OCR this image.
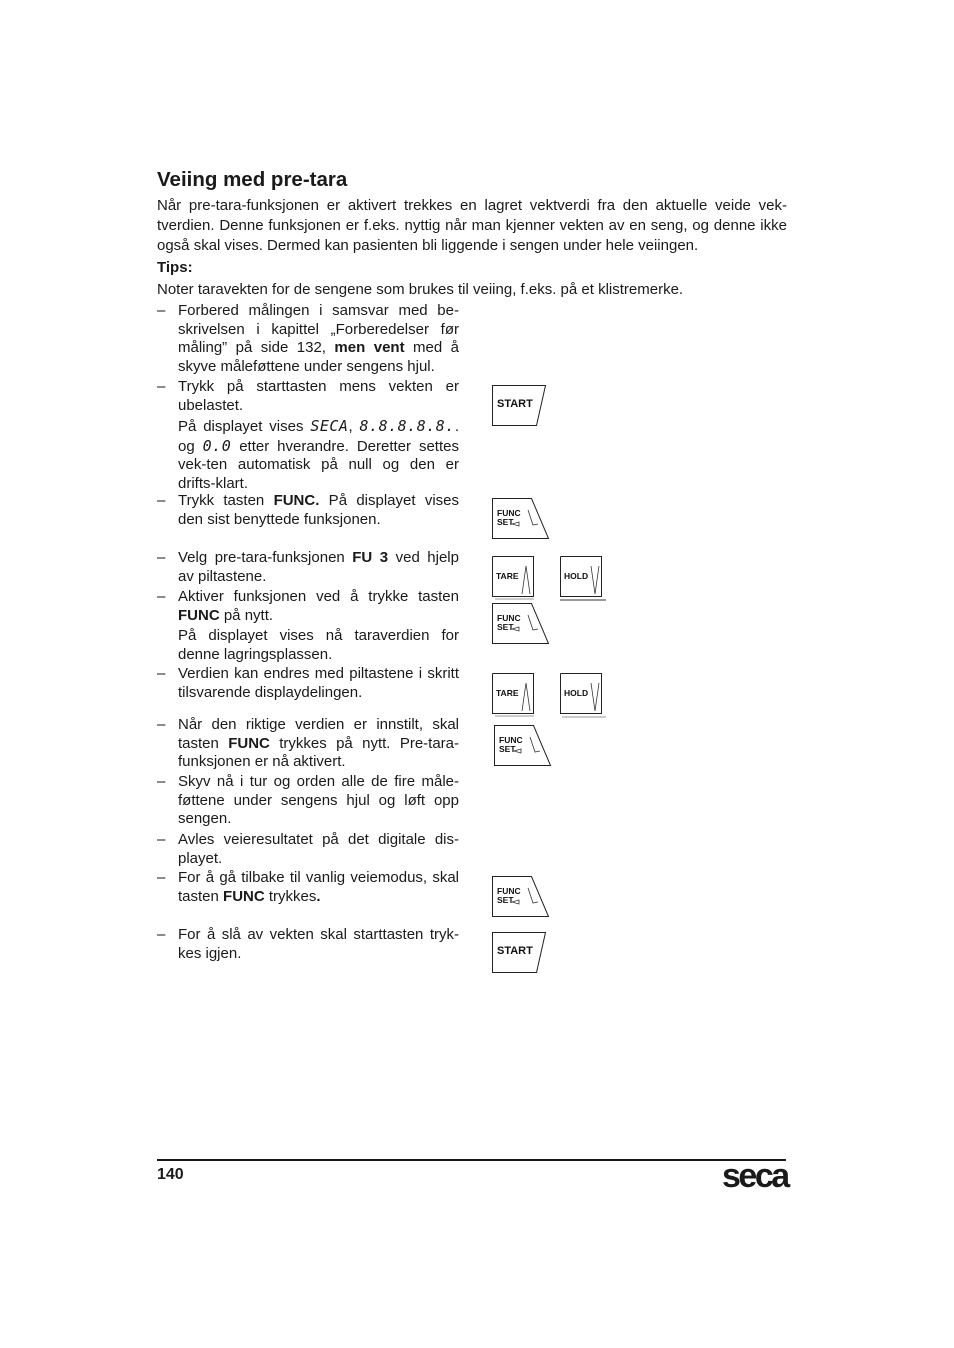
Veiing med pre-tara
Når pre-tara-funksjonen er aktivert trekkes en lagret vektverdi fra den aktuelle veide vek-tverdien. Denne funksjonen er f.eks. nyttig når man kjenner vekten av en seng, og denne ikke også skal vises. Dermed kan pasienten bli liggende i sengen under hele veiingen.
Tips:
Noter taravekten for de sengene som brukes til veiing, f.eks. på et klistremerke.
– Forbered målingen i samsvar med be-skrivelsen i kapittel „Forberedelser før måling” på side 132, men vent med å skyve måleføttene under sengens hjul.
– Trykk på starttasten mens vekten er ubelastet.
På displayet vises SECA, 8.8.8.8.8.. og 0.0 etter hverandre. Deretter settes vek-ten automatisk på null og den er drifts-klart.
– Trykk tasten FUNC. På displayet vises den sist benyttede funksjonen.
– Velg pre-tara-funksjonen FU 3 ved hjelp av piltastene.
– Aktiver funksjonen ved å trykke tasten FUNC på nytt.
På displayet vises nå taraverdien for denne lagringsplassen.
– Verdien kan endres med piltastene i skritt tilsvarende displaydelingen.
– Når den riktige verdien er innstilt, skal tasten FUNC trykkes på nytt. Pre-tara-funksjonen er nå aktivert.
– Skyv nå i tur og orden alle de fire måle-føttene under sengens hjul og løft opp sengen.
– Avles veieresultatet på det digitale dis-playet.
– For å gå tilbake til vanlig veiemodus, skal tasten FUNC trykkes.
– For å slå av vekten skal starttasten tryk-kes igjen.
START
FUNC
SET
TARE	HOLD
FUNC
SET
TARE	HOLD
FUNC
SET
FUNC
SET
START
140	seca
